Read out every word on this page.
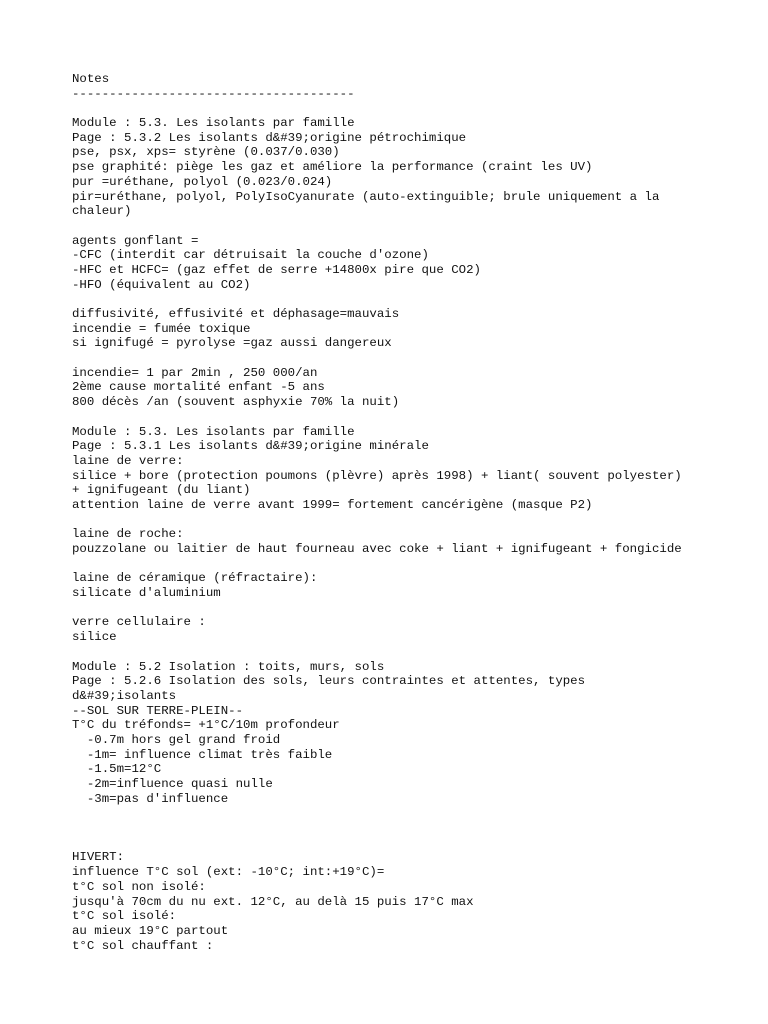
Notes
--------------------------------------
Module : 5.3. Les isolants par famille
Page : 5.3.2 Les isolants d&#39;origine pétrochimique
pse, psx, xps= styrène (0.037/0.030)
pse graphité: piège les gaz et améliore la performance (craint les UV)
pur =uréthane, polyol (0.023/0.024)
pir=uréthane, polyol, PolyIsoCyanurate (auto-extinguible; brule uniquement a la
chaleur)
agents gonflant =
-CFC (interdit car détruisait la couche d'ozone)
-HFC et HCFC= (gaz effet de serre +14800x pire que CO2)
-HFO (équivalent au CO2)
diffusivité, effusivité et déphasage=mauvais
incendie = fumée toxique
si ignifugé = pyrolyse =gaz aussi dangereux
incendie= 1 par 2min , 250 000/an
2ème cause mortalité enfant -5 ans
800 décès /an (souvent asphyxie 70% la nuit)
Module : 5.3. Les isolants par famille
Page : 5.3.1 Les isolants d&#39;origine minérale
laine de verre:
silice + bore (protection poumons (plèvre) après 1998) + liant( souvent polyester)
+ ignifugeant (du liant)
attention laine de verre avant 1999= fortement cancérigène (masque P2)
laine de roche:
pouzzolane ou laitier de haut fourneau avec coke + liant + ignifugeant + fongicide
laine de céramique (réfractaire):
silicate d'aluminium
verre cellulaire :
silice
Module : 5.2 Isolation : toits, murs, sols
Page : 5.2.6 Isolation des sols, leurs contraintes et attentes, types
d&#39;isolants
--SOL SUR TERRE-PLEIN--
T°C du tréfonds= +1°C/10m profondeur
-0.7m hors gel grand froid
-1m= influence climat très faible
-1.5m=12°C
-2m=influence quasi nulle
-3m=pas d'influence
HIVERT:
influence T°C sol (ext: -10°C; int:+19°C)=
t°C sol non isolé:
jusqu'à 70cm du nu ext. 12°C, au delà 15 puis 17°C max
t°C sol isolé:
au mieux 19°C partout
t°C sol chauffant :
